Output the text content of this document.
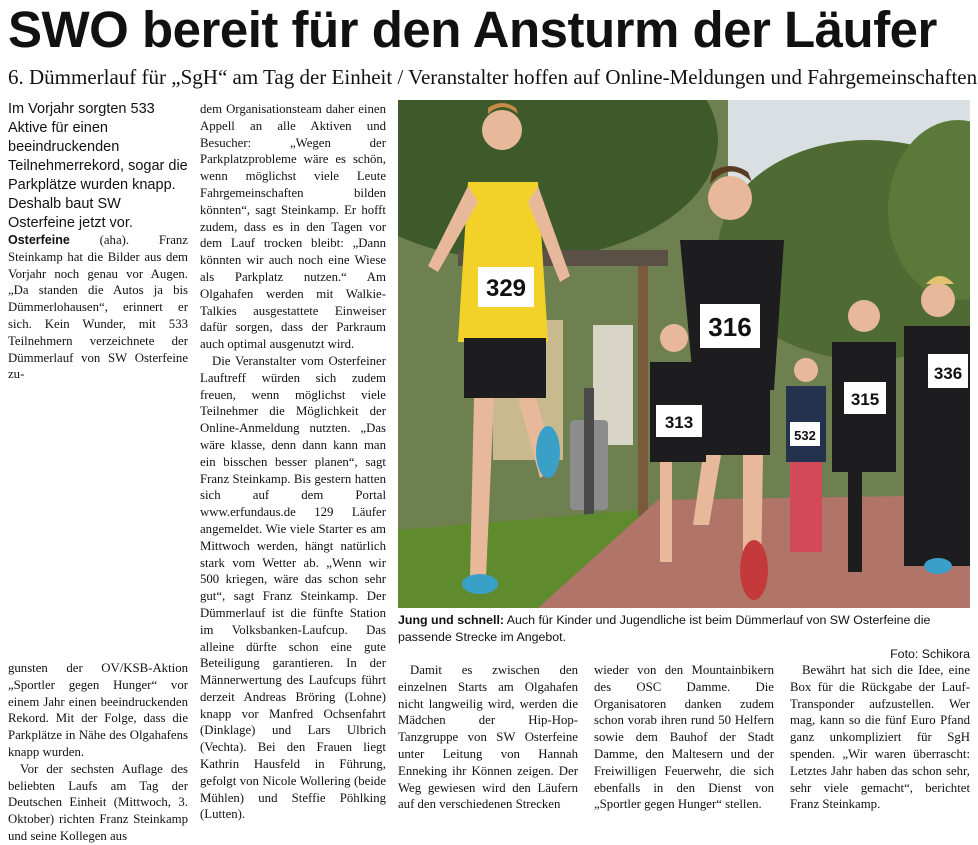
SWO bereit für den Ansturm der Läufer
6. Dümmerlauf für „SgH“ am Tag der Einheit / Veranstalter hoffen auf Online-Meldungen und Fahrgemeinschaften
Im Vorjahr sorgten 533 Aktive für einen beeindruckenden Teilnehmerrekord, sogar die Parkplätze wurden knapp. Deshalb baut SW Osterfeine jetzt vor.

Osterfeine (aha). Franz Steinkamp hat die Bilder aus dem Vorjahr noch genau vor Augen. „Da standen die Autos ja bis Dümmerlohausen“, erinnert er sich. Kein Wunder, mit 533 Teilnehmern verzeichnete der Dümmerlauf von SW Osterfeine zu-

gunsten der OV/KSB-Aktion „Sportler gegen Hunger“ vor einem Jahr einen beeindruckenden Rekord. Mit der Folge, dass die Parkplätze in Nähe des Olgahafens knapp wurden.

Vor der sechsten Auflage des beliebten Laufs am Tag der Deutschen Einheit (Mittwoch, 3. Oktober) richten Franz Steinkamp und seine Kollegen aus

dem Organisationsteam daher einen Appell an alle Aktiven und Besucher: „Wegen der Parkplatzprobleme wäre es schön, wenn möglichst viele Leute Fahrgemeinschaften bilden könnten“, sagt Steinkamp. Er hofft zudem, dass es in den Tagen vor dem Lauf trocken bleibt: „Dann könnten wir auch noch eine Wiese als Parkplatz nutzen.“ Am Olgahafen werden mit Walkie-Talkies ausgestattete Einweiser dafür sorgen, dass der Parkraum auch optimal ausgenutzt wird.

Die Veranstalter vom Osterfeiner Lauftreff würden sich zudem freuen, wenn möglichst viele Teilnehmer die Möglichkeit der Online-Anmeldung nutzten. „Das wäre klasse, denn dann kann man ein bisschen besser planen“, sagt Franz Steinkamp. Bis gestern hatten sich auf dem Portal www.erfundaus.de 129 Läufer angemeldet. Wie viele Starter es am Mittwoch werden, hängt natürlich stark vom Wetter ab. „Wenn wir 500 kriegen, wäre das schon sehr gut“, sagt Franz Steinkamp. Der Dümmerlauf ist die fünfte Station im Volksbanken-Laufcup. Das alleine dürfte schon eine gute Beteiligung garantieren. In der Männerwertung des Laufcups führt derzeit Andreas Bröring (Lohne) knapp vor Manfred Ochsenfahrt (Dinklage) und Lars Ulbrich (Vechta). Bei den Frauen liegt Kathrin Hausfeld in Führung, gefolgt von Nicole Wollering (beide Mühlen) und Steffie Pöhlking (Lutten).

329
316
313
315
336
532
Jung und schnell: Auch für Kinder und Jugendliche ist beim Dümmerlauf von SW Osterfeine die passende Strecke im Angebot.
Foto: Schikora

Damit es zwischen den einzelnen Starts am Olgahafen nicht langweilig wird, werden die Mädchen der Hip-Hop-Tanzgruppe von SW Osterfeine unter Leitung von Hannah Enneking ihr Können zeigen. Der Weg gewiesen wird den Läufern auf den verschiedenen Strecken

wieder von den Mountainbikern des OSC Damme. Die Organisatoren danken zudem schon vorab ihren rund 50 Helfern sowie dem Bauhof der Stadt Damme, den Maltesern und der Freiwilligen Feuerwehr, die sich ebenfalls in den Dienst von „Sportler gegen Hunger“ stellen.

Bewährt hat sich die Idee, eine Box für die Rückgabe der Lauf-Transponder aufzustellen. Wer mag, kann so die fünf Euro Pfand ganz unkompliziert für SgH spenden. „Wir waren überrascht: Letztes Jahr haben das schon sehr, sehr viele gemacht“, berichtet Franz Steinkamp.
